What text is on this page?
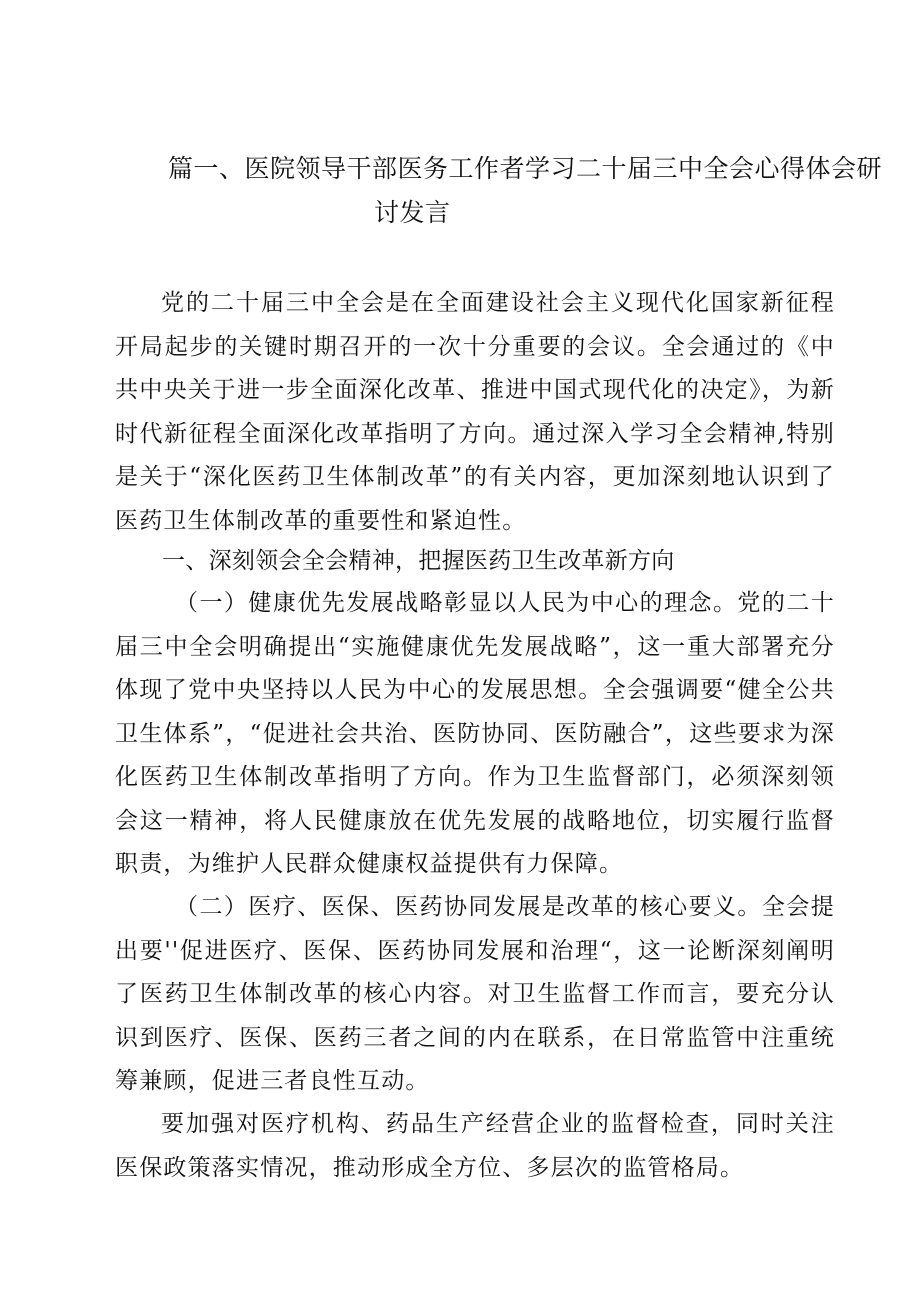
篇一、医院领导干部医务工作者学习二十届三中全会心得体会研
讨发言

党的二十届三中全会是在全面建设社会主义现代化国家新征程开局起步的关键时期召开的一次十分重要的会议。全会通过的《中共中央关于进一步全面深化改革、推进中国式现代化的决定》，为新时代新征程全面深化改革指明了方向。通过深入学习全会精神,特别是关于“深化医药卫生体制改革”的有关内容，更加深刻地认识到了医药卫生体制改革的重要性和紧迫性。

一、深刻领会全会精神，把握医药卫生改革新方向

（一）健康优先发展战略彰显以人民为中心的理念。党的二十届三中全会明确提出“实施健康优先发展战略”，这一重大部署充分体现了党中央坚持以人民为中心的发展思想。全会强调要“健全公共卫生体系”，“促进社会共治、医防协同、医防融合”，这些要求为深化医药卫生体制改革指明了方向。作为卫生监督部门，必须深刻领会这一精神，将人民健康放在优先发展的战略地位，切实履行监督职责，为维护人民群众健康权益提供有力保障。

（二）医疗、医保、医药协同发展是改革的核心要义。全会提出要''促进医疗、医保、医药协同发展和治理“，这一论断深刻阐明了医药卫生体制改革的核心内容。对卫生监督工作而言，要充分认识到医疗、医保、医药三者之间的内在联系，在日常监管中注重统筹兼顾，促进三者良性互动。

要加强对医疗机构、药品生产经营企业的监督检查，同时关注医保政策落实情况，推动形成全方位、多层次的监管格局。
